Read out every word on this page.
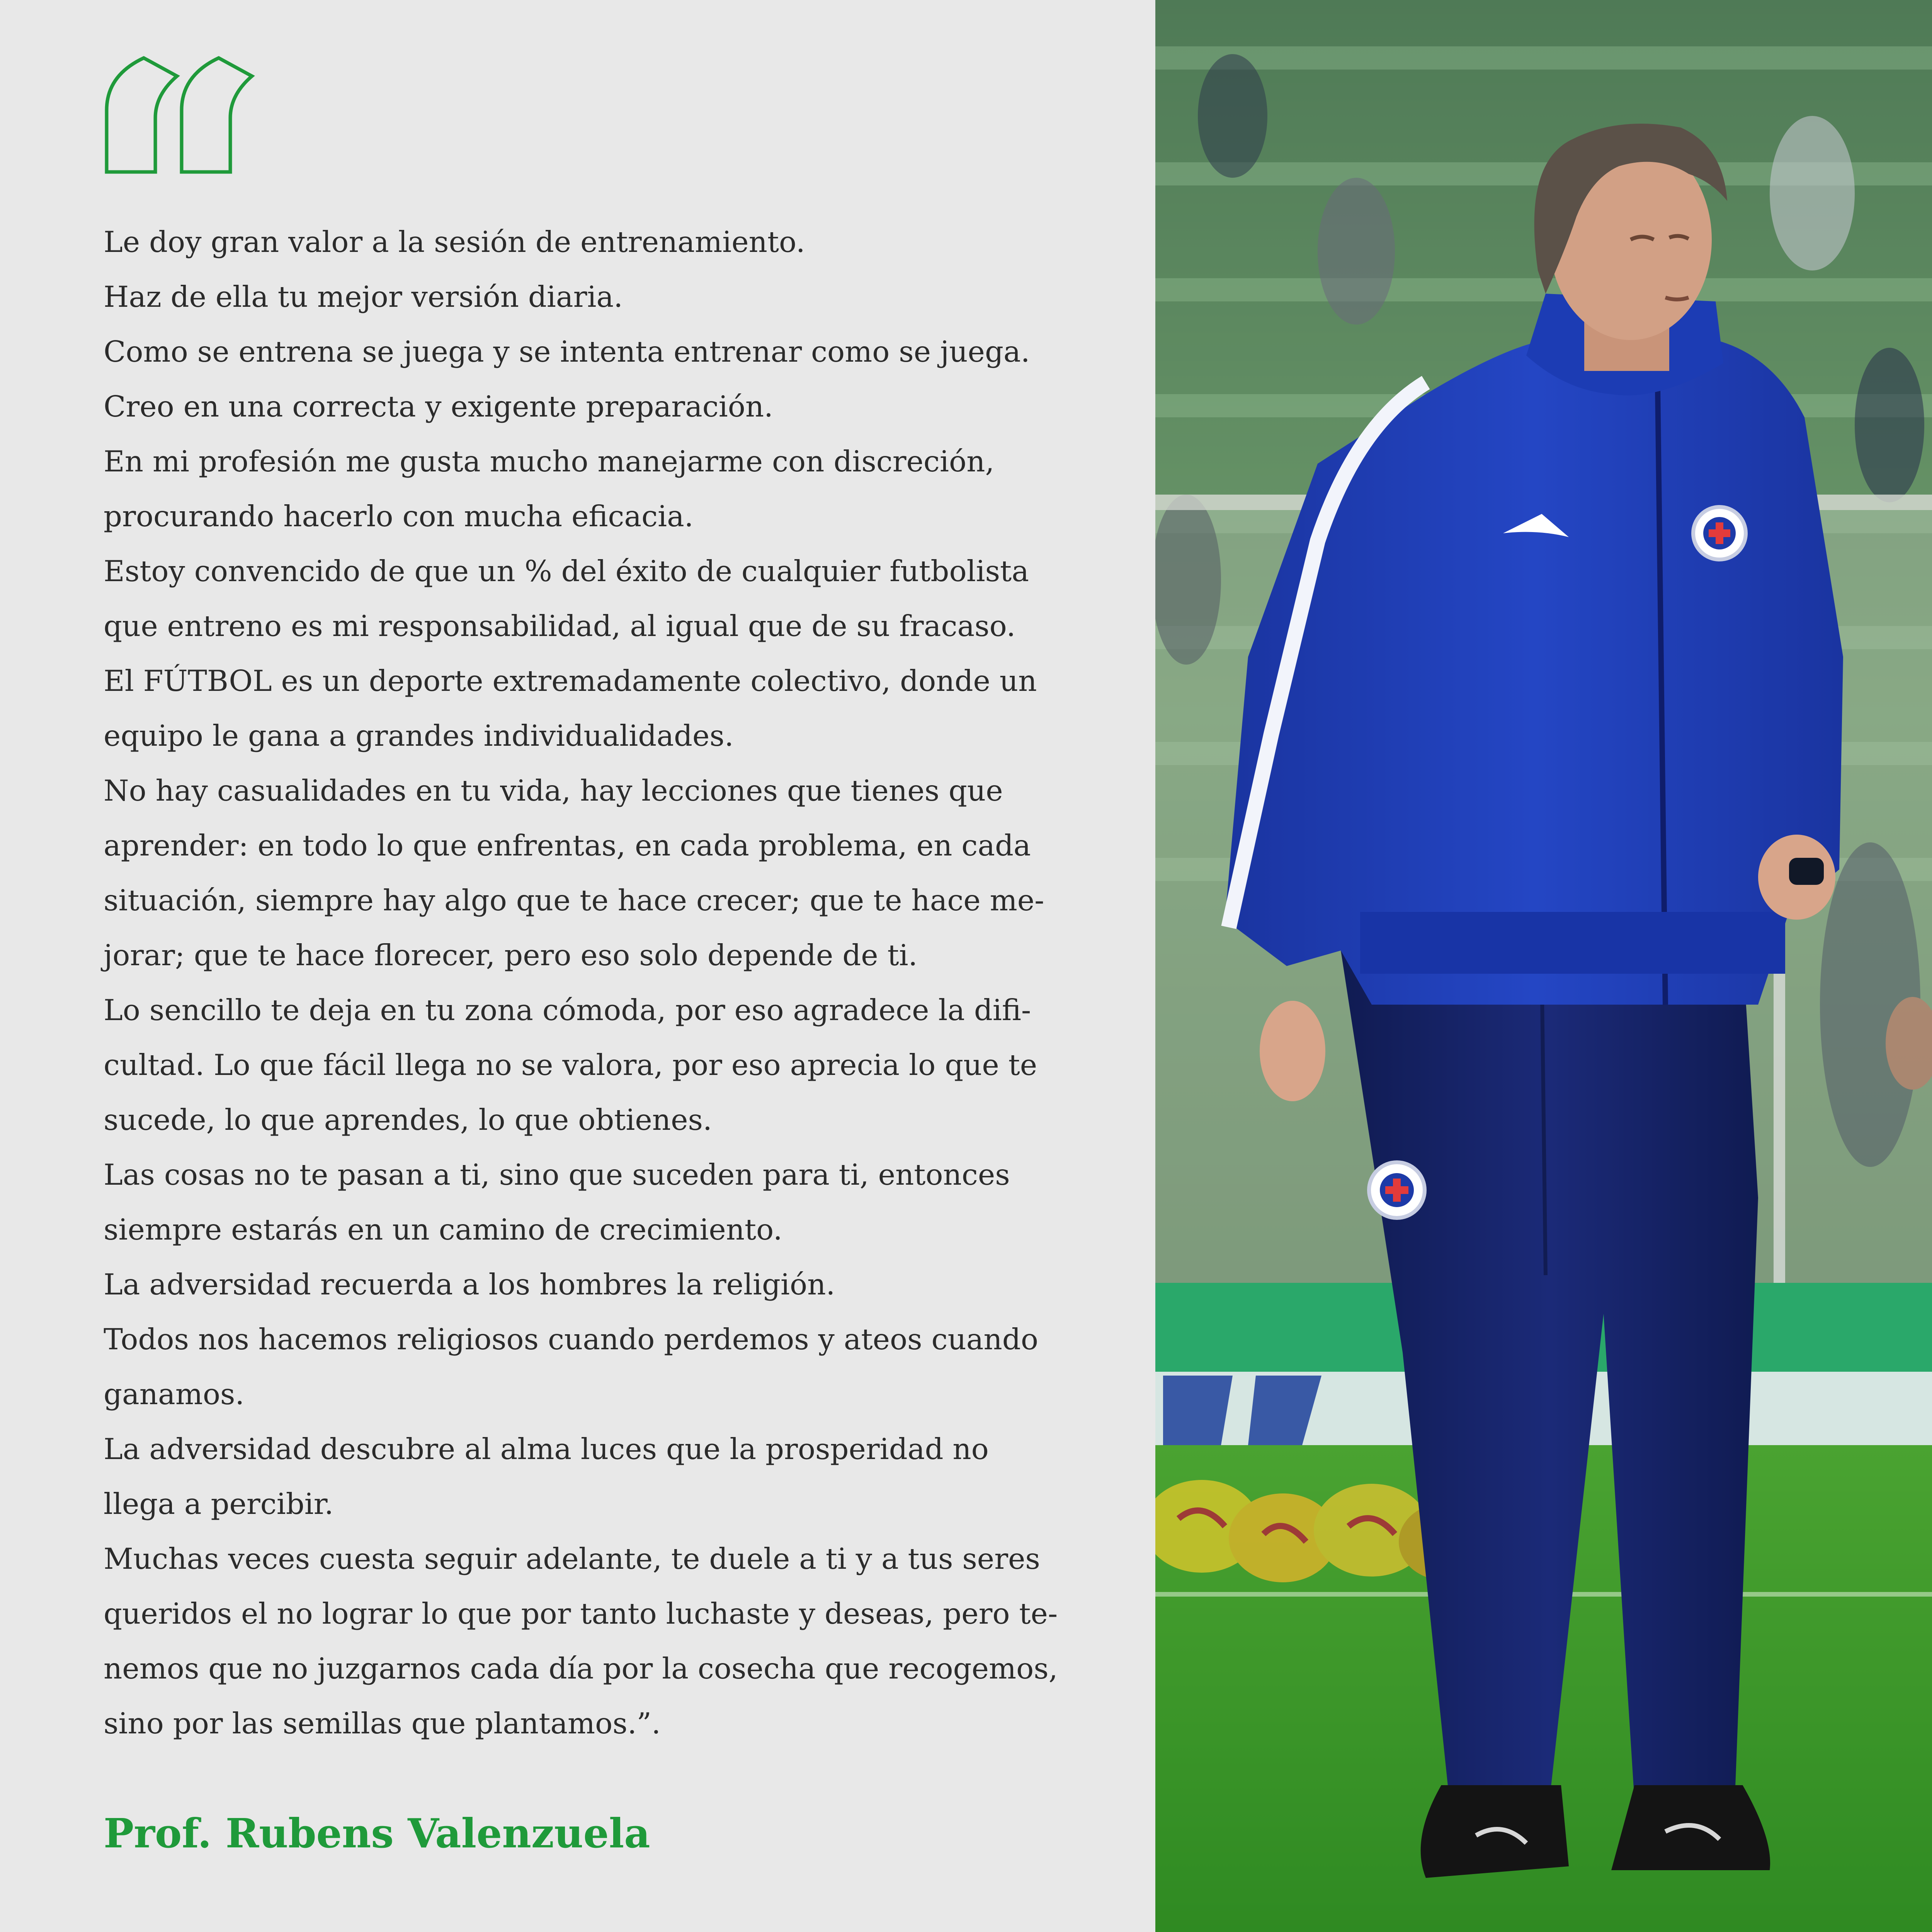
Le doy gran valor a la sesión de entrenamiento.
Haz de ella tu mejor versión diaria.
Como se entrena se juega y se intenta entrenar como se juega.
Creo en una correcta y exigente preparación.
En mi profesión me gusta mucho manejarme con discreción,
procurando hacerlo con mucha eficacia.
Estoy convencido de que un % del éxito de cualquier futbolista
que entreno es mi responsabilidad, al igual que de su fracaso.
El FÚTBOL es un deporte extremadamente colectivo, donde un
equipo le gana a grandes individualidades.
No hay casualidades en tu vida, hay lecciones que tienes que
aprender: en todo lo que enfrentas, en cada problema, en cada
situación, siempre hay algo que te hace crecer; que te hace me-
jorar; que te hace florecer, pero eso solo depende de ti.
Lo sencillo te deja en tu zona cómoda, por eso agradece la difi-
cultad. Lo que fácil llega no se valora, por eso aprecia lo que te
sucede, lo que aprendes, lo que obtienes.
Las cosas no te pasan a ti, sino que suceden para ti, entonces
siempre estarás en un camino de crecimiento.
La adversidad recuerda a los hombres la religión.
Todos nos hacemos religiosos cuando perdemos y ateos cuando
ganamos.
La adversidad descubre al alma luces que la prosperidad no
llega a percibir.
Muchas veces cuesta seguir adelante, te duele a ti y a tus seres
queridos el no lograr lo que por tanto luchaste y deseas, pero te-
nemos que no juzgarnos cada día por la cosecha que recogemos,
sino por las semillas que plantamos.”.
Prof. Rubens Valenzuela
